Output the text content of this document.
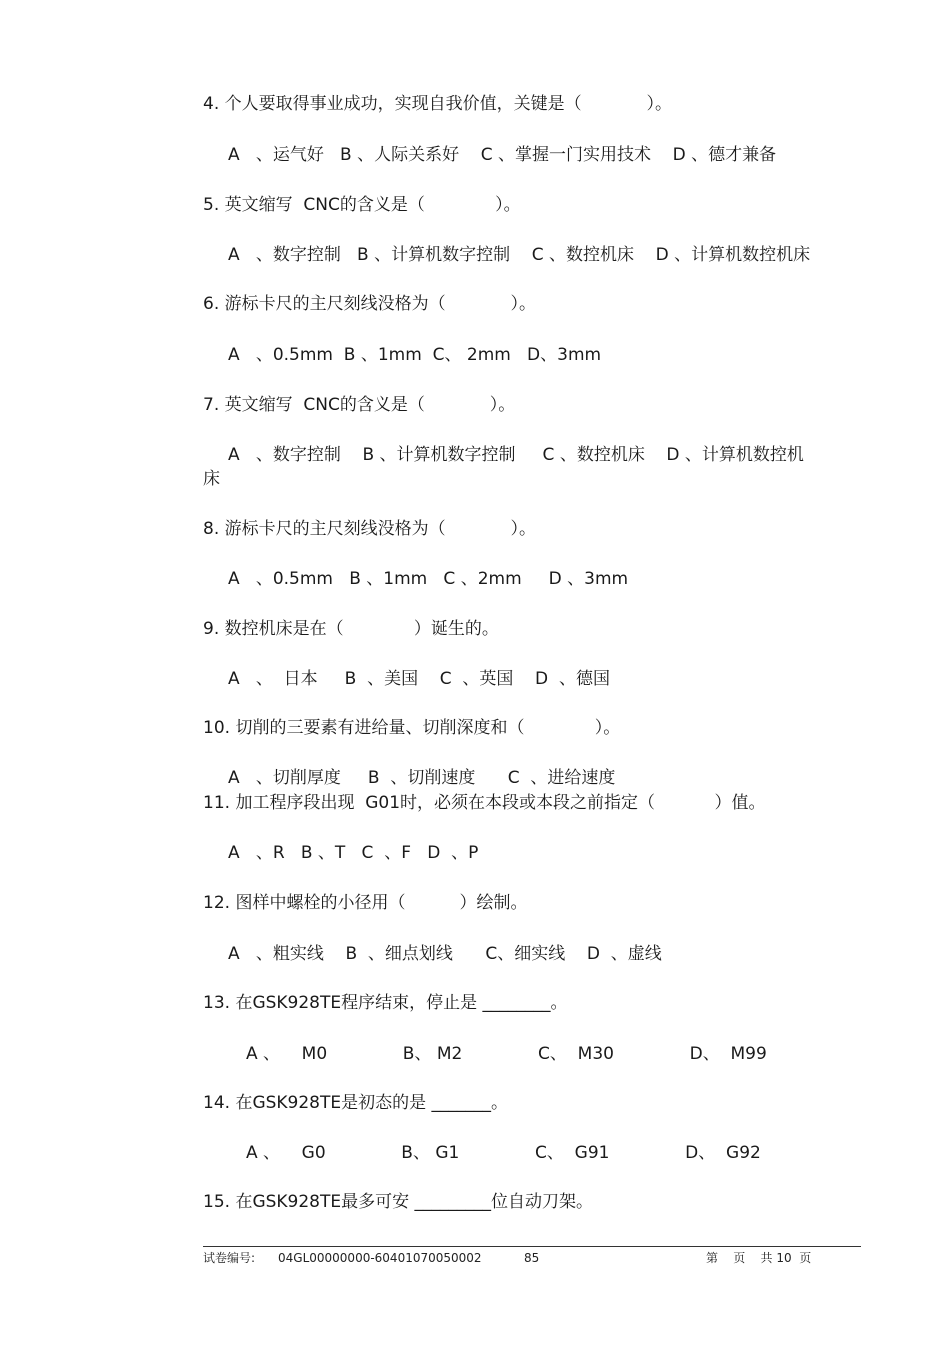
4. 个人要取得事业成功，实现自我价值，关键是（            ）。
A   、运气好   B 、人际关系好    C 、掌握一门实用技术    D 、德才兼备
5. 英文缩写  CNC的含义是（             ）。
A   、数字控制   B 、计算机数字控制    C 、数控机床    D 、计算机数控机床
6. 游标卡尺的主尺刻线没格为（            ）。
A   、0.5mm  B 、1mm  C、 2mm   D、3mm
7. 英文缩写  CNC的含义是（            ）。
A   、数字控制    B 、计算机数字控制     C 、数控机床    D 、计算机数控机
床
8. 游标卡尺的主尺刻线没格为（            ）。
A   、0.5mm   B 、1mm   C 、2mm     D 、3mm
9. 数控机床是在（             ）诞生的。
A   、  日本     B  、美国    C  、英国    D  、德国
10. 切削的三要素有进给量、切削深度和（             ）。
A   、切削厚度     B  、切削速度      C  、进给速度
11. 加工程序段出现  G01时，必须在本段或本段之前指定（           ）值。
A   、R   B 、T   C  、F   D  、P
12. 图样中螺栓的小径用（          ）绘制。
A   、粗实线    B  、细点划线      C、细实线    D  、虚线
13. 在GSK928TE程序结束，停止是 ________。
A 、    M0              B、 M2              C、  M30              D、  M99
14. 在GSK928TE是初态的是 _______。
A 、    G0              B、 G1              C、  G91              D、  G92
15. 在GSK928TE最多可安 _________位自动刀架。
试卷编号: 04GL00000000-60401070050002	85	第    页    共 10  页
